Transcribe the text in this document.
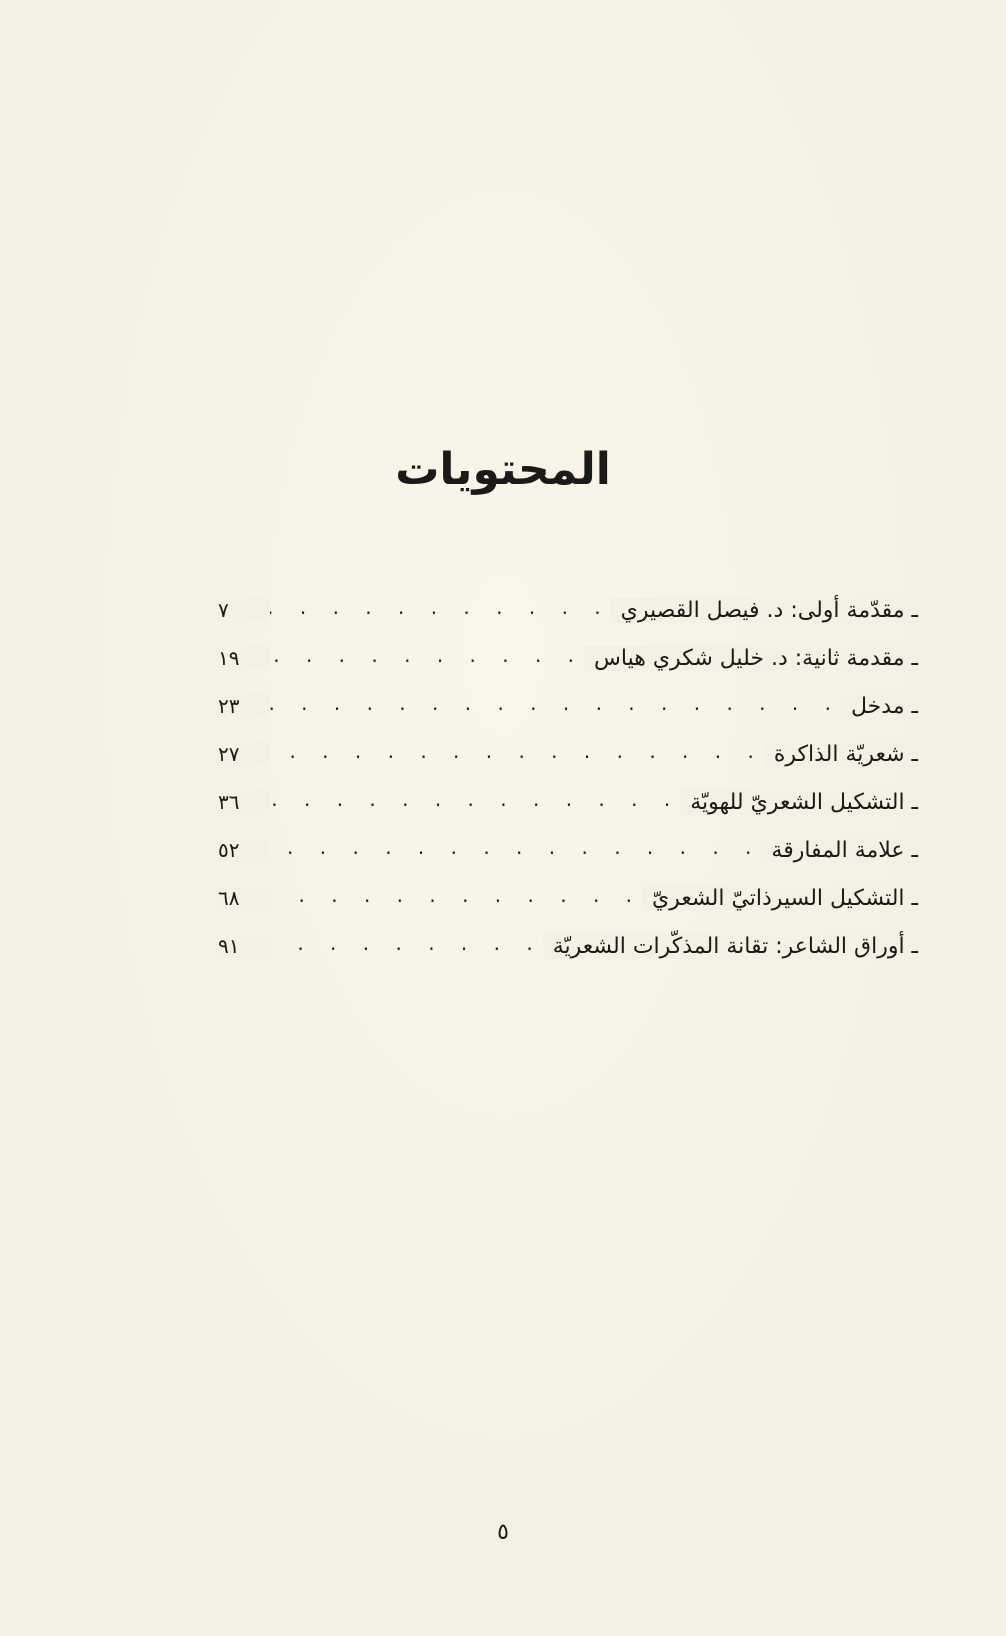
المحتويات
ـ مقدّمة أولى: د. فيصل القصيري
. . .
٧
ـ مقدمة ثانية: د. خليل شكري هياس
. . .
١٩
ـ مدخل
. . .
٢٣
ـ شعريّة الذاكرة
. . .
٢٧
ـ التشكيل الشعريّ للهويّة
. . .
٣٦
ـ علامة المفارقة
. . .
٥٢
ـ التشكيل السيرذاتيّ الشعريّ
. . .
٦٨
ـ أوراق الشاعر: تقانة المذكّرات الشعريّة
. . .
٩١
٥
